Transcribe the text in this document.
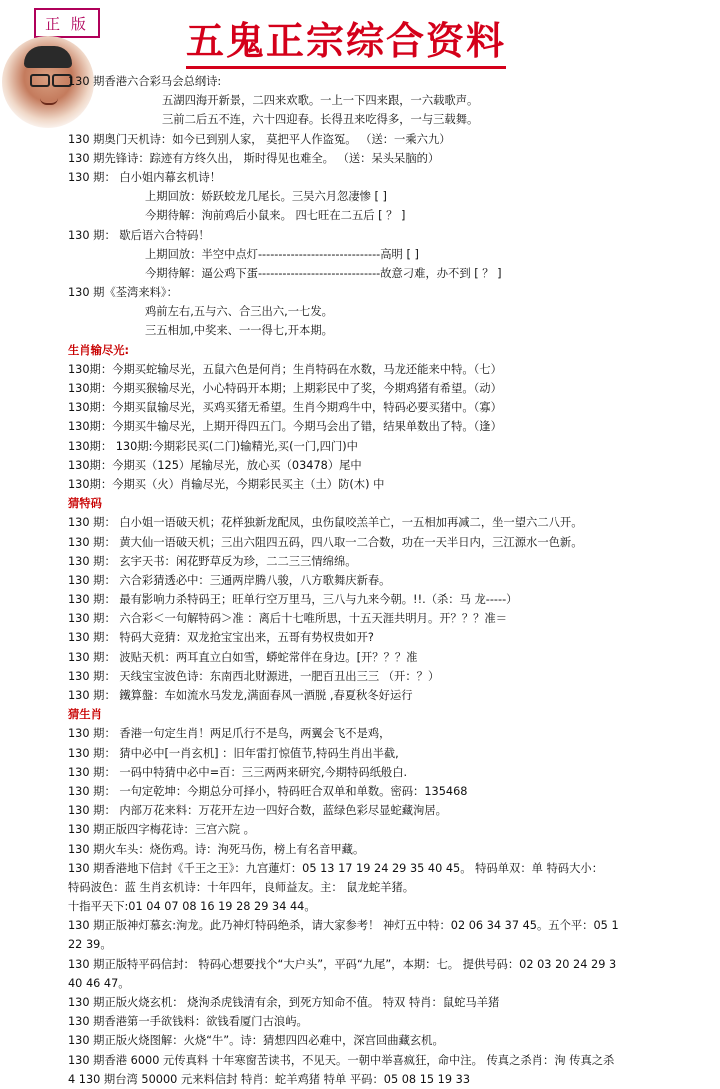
正 版	五鬼正宗综合资料
130 期香港六合彩马会总纲诗:
五湖四海开新景，二四来欢歌。一上一下四来跟，一六载歌声。
三前二后五不连，六十四迎春。长得丑来吃得多，一与三载舞。
130 期奥门天机诗：如今已到别人家， 莫把平人作盗冤。 （送：一乘六九）
130 期先锋诗：踪迹有方终久出， 斯时得见也难全。 （送：呆头呆脑的）
130 期： 白小姐内幕玄机诗！
上期回放：娇跃蛟龙几尾长。三吴六月忽凄惨 [ ]
今期待解：洵前鸡后小鼠来。 四七旺在二五后 [ ？ ]
130 期： 歇后语六合特码！
上期回放：半空中点灯------------------------------高明 [ ]
今期待解：逼公鸡下蛋------------------------------故意刁难，办不到 [ ？ ]
130 期《荃湾来料》：
鸡前左右,五与六、合三出六,一七发。
三五相加,中奖来、一一得七,开本期。
生肖输尽光:
130期：今期买蛇输尽光，五鼠六色是何肖；生肖特码在水数，马龙还能来中特。（七）
130期：今期买猴输尽光，小心特码开本期；上期彩民中了奖，今期鸡猪有希望。（动）
130期：今期买鼠输尽光，买鸡买猪无希望。生肖今期鸡牛中，特码必要买猪中。（寡）
130期：今期买牛输尽光，上期开得四五门。今期马会出了错，结果单数出了特。（逢）
130期： 130期:今期彩民买(二门)输精光,买(一门,四门)中
130期：今期买（125）尾输尽光，放心买（03478）尾中
130期：今期买（火）肖输尽光，今期彩民买主（土）防(木) 中
猜特码
130 期： 白小姐一语破天机；花样独新龙配凤，虫伤鼠咬羔羊亡，一五相加再减二，坐一望六二八开。
130 期： 黄大仙一语破天机；三出六阻四五码，四八取一二合数，功在一天半日内，三江源水一色新。
130 期： 玄宇天书：闲花野草反为珍，二二三三情绵绵。
130 期： 六合彩猜透必中：三通两岸腾八骏，八方歌舞庆新春。
130 期： 最有影响力杀特码王；旺单行空万里马，三八与九来今朝。!!.（杀：马 龙-----）
130 期： 六合彩＜一句解特码＞准 ：离后十七唯所思，十五天涯共明月。开？？？准＝
130 期： 特码大竞猜：双龙抢宝宝出来，五哥有势权贵如开?
130 期： 波贴天机：两耳直立白如雪，蟒蛇常伴在身边。[开？？？准
130 期： 天线宝宝波色诗：东南西北财源进，一肥百丑出三三 （开：？）
130 期： 鐵算盤：车如流水马发龙,满面春风一酒脱 ,春夏秋冬好运行
猜生肖
130 期： 香港一句定生肖！两足爪行不是鸟，两翼会飞不是鸡，
130 期： 猜中必中[一肖玄机] ：旧年雷打惊值节,特码生肖出半截,
130 期： 一码中特猜中必中=百：三三两两来研究,今期特码纸般白.
130 期： 一句定乾坤：今期总分可择小，特码旺合双单和单数。密码：135468
130 期： 内部万花来料：万花开左边一四好合数，蓝绿色彩尽显蛇藏洵居。
130 期正版四字梅花诗：三宫六院 。
130 期火车头：烧伤鸡。诗：洵死马伤，榜上有名音甲藏。
130 期香港地下信封《千王之王》：九宫蓮灯：05 13 17 19 24 29 35 40 45。 特码单双：单 特码大小：
特码波色：蓝 生肖玄机诗：十年四年，良师益友。主： 鼠龙蛇羊猪。
十指平天下:01 04 07 08 16 19 28 29 34 44。
130 期正版神灯慕玄:洵龙。此乃神灯特码绝杀，请大家参考！ 神灯五中特：02 06 34 37 45。五个平：05 1
22 39。
130 期正版特平码信封： 特码心想要找个“大户头”，平码“九尾”，本期：七。 提供号码：02 03 20 24 29 3
40 46 47。
130 期正版火烧玄机： 烧洵杀虎钱清有余，到死方知命不值。 特双 特肖：鼠蛇马羊猪
130 期香港第一手欲钱料：欲钱看厦门古浪屿。
130 期正版火烧图解：火烧“牛”。诗：猜想四四必难中，深宫回曲藏玄机。
130 期香港 6000 元传真料 十年寒窗苦读书，不见天。一朝中举喜疯狂，命中注。 传真之杀肖：洵 传真之杀
4 130 期台湾 50000 元来料信封 特肖：蛇羊鸡猪 特单 平码：05 08 15 19 33
